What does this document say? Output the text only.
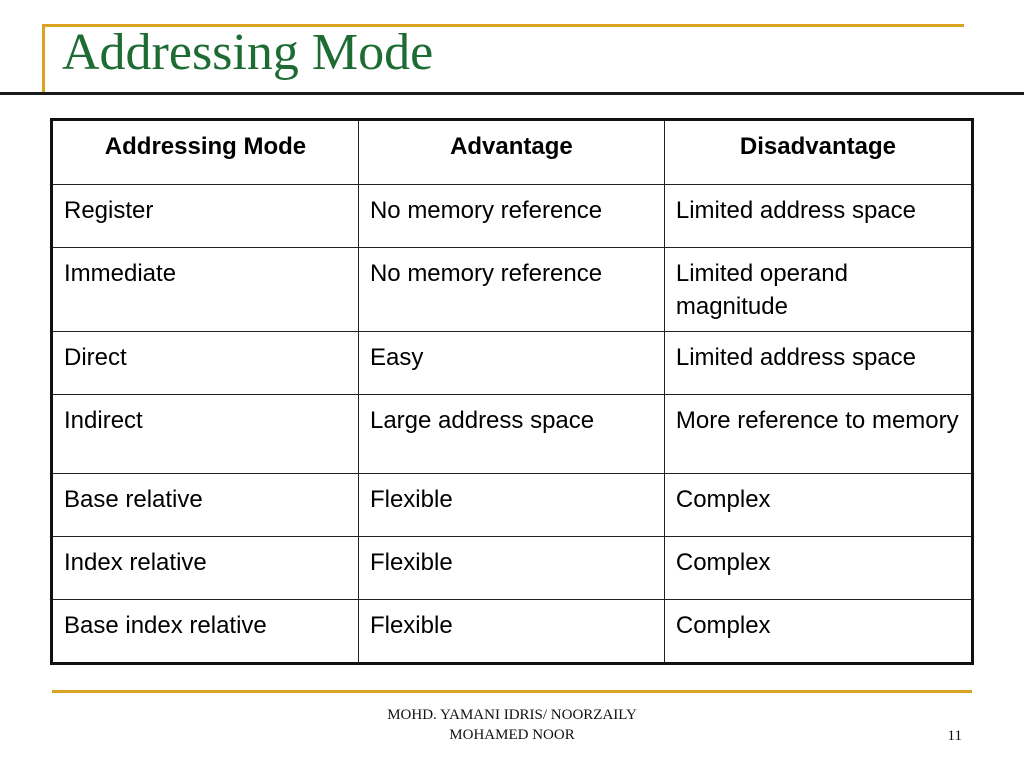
Addressing Mode
Addressing Mode	Advantage	Disadvantage
Register	No memory reference	Limited address space
Immediate	No memory reference	Limited operand magnitude
Direct	Easy	Limited address space
Indirect	Large address space	More reference to memory
Base relative	Flexible	Complex
Index relative	Flexible	Complex
Base index relative	Flexible	Complex
MOHD. YAMANI IDRIS/ NOORZAILY
MOHAMED NOOR	11
